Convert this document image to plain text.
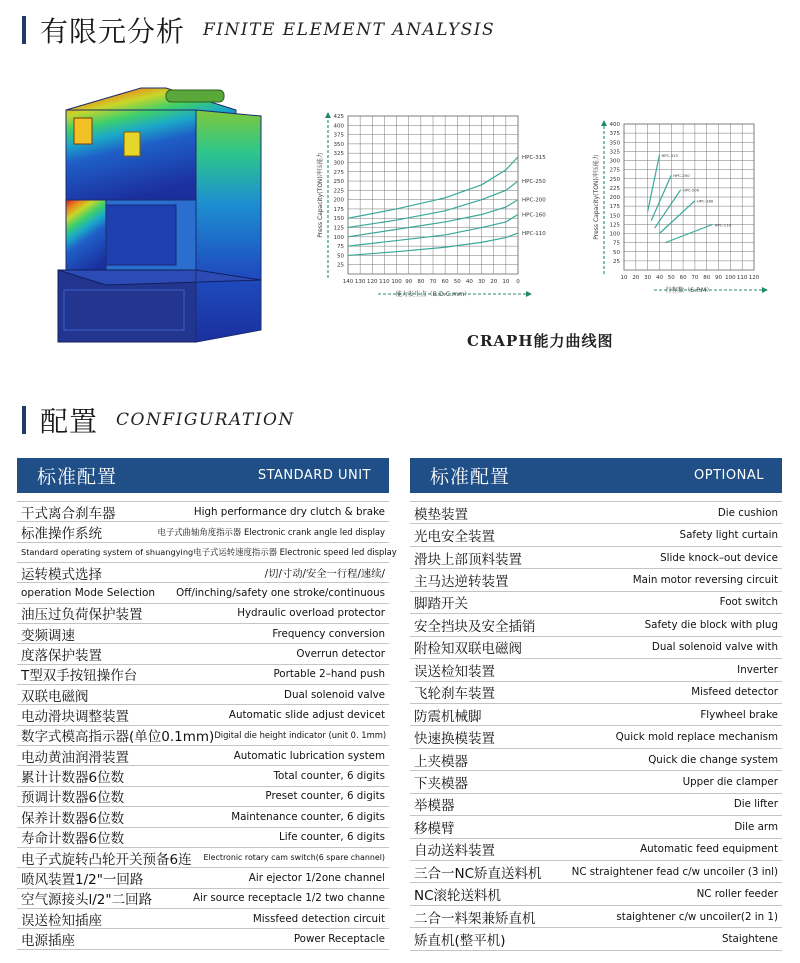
有限元分析 FINITE ELEMENT ANALYSIS
25
50
75
100
125
150
175
200
225
250
275
300
325
350
375
400
425
140 130 120 110 100 90 80 70 60 50 40 30 20 10 0
Press Capacity(TON)冲压能力
能力发生点（B.D.C.mm）
HPC-315
HPC-250
HPC-200
HPC-160
HPC-110
25
50
75
100
125
150
175
200
225
250
275
300
325
350
375
400
10 20 30 40 50 60 70 80 90 100 110 120
Press Capacity(TON)冲压能力
行程数（S.P.M）
HPC-315
HPC-250
HPC-200
HPC-160
HPC-110
CRAPH能力曲线图
配置 CONFIGURATION
标准配置	STANDARD UNIT
干式离合刹车器	High performance dry clutch & brake
标准操作系统	电子式曲轴角度指示器 Electronic crank angle led display
Standard operating system of shuangying 电子式运转速度指示器 Electronic speed led display
运转模式选择	/切/寸动/安全一行程/速续/
operation Mode Selection Off/inching/safety one stroke/continuous
油压过负荷保护装置	Hydraulic overload protector
变频调速	Frequency conversion
度落保护装置	Overrun detector
T型双手按钮操作台	Portable 2–hand push
双联电磁阀	Dual solenoid valve
电动滑块调整装置	Automatic slide adjust devicet
数字式模高指示器(单位0.1mm) Digital die height indicator (unit 0. 1mm)
电动黄油润滑装置	Automatic lubrication system
累计计数器6位数	Total counter, 6 digits
预调计数器6位数	Preset counter, 6 digits
保养计数器6位数	Maintenance counter, 6 digits
寿命计数器6位数	Life counter, 6 digits
电子式旋转凸轮开关预备6连 Electronic rotary cam switch(6 spare channel)
喷风装置1/2"一回路	Air ejector 1/2one channel
空气源接头l/2"二回路	Air source receptacle 1/2 two channe
误送检知插座	Missfeed detection circuit
电源插座	Power Receptacle
标准配置	OPTIONAL
模垫装置	Die cushion
光电安全装置	Safety light curtain
滑块上部顶料装置	Slide knock–out device
主马达逆转装置	Main motor reversing circuit
脚踏开关	Foot switch
安全挡块及安全插销	Safety die block with plug
附检知双联电磁阀	Dual solenoid valve with
误送检知装置	Inverter
飞轮刹车装置	Misfeed detector
防震机械脚	Flywheel brake
快速换模装置	Quick mold replace mechanism
上夹模器	Quick die change system
下夹模器	Upper die clamper
举模器	Die lifter
移模臂	Dile arm
自动送料装置	Automatic feed equipment
三合一NC矫直送料机	NC straightener fead c/w uncoiler (3 inl)
NC滚轮送料机	NC roller feeder
二合一料架兼矫直机	staightener c/w uncoiler(2 in 1)
矫直机(整平机)	Staightene
